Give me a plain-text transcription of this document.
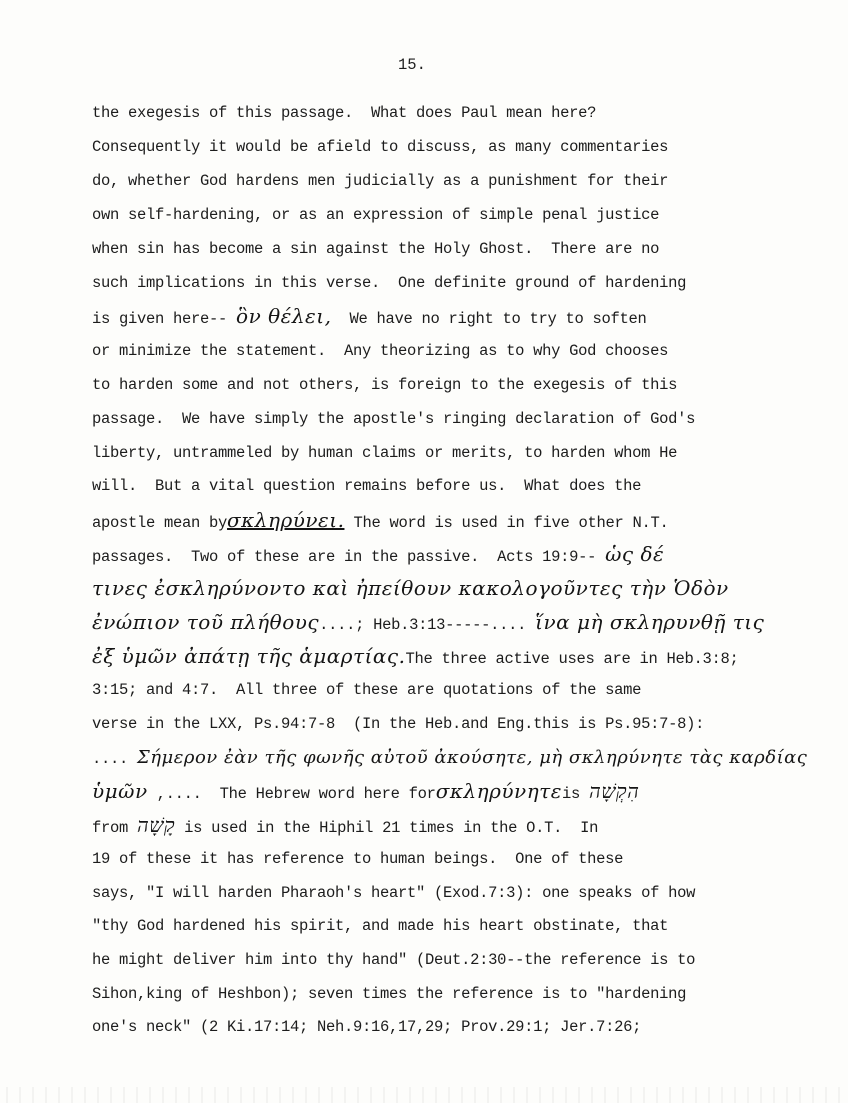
15.
the exegesis of this passage.  What does Paul mean here?
Consequently it would be afield to discuss, as many commentaries
do, whether God hardens men judicially as a punishment for their
own self-hardening, or as an expression of simple penal justice
when sin has become a sin against the Holy Ghost.  There are no
such implications in this verse.  One definite ground of hardening
is given here-- ὃν θέλει,  We have no right to try to soften
or minimize the statement.  Any theorizing as to why God chooses
to harden some and not others, is foreign to the exegesis of this
passage.  We have simply the apostle's ringing declaration of God's
liberty, untrammeled by human claims or merits, to harden whom He
will.  But a vital question remains before us.  What does the
apostle mean byσκληρύνει. The word is used in five other N.T.
passages.  Two of these are in the passive.  Acts 19:9-- ὡς δέ
τινες ἐσκληρύνοντο καὶ ἠπείθουν κακολογοῦντες τὴν Ὁδὸν
ἐνώπιον τοῦ πλήθους....; Heb.3:13-----.... ἵνα μὴ σκληρυνθῇ τις
ἐξ ὑμῶν ἀπάτῃ τῆς ἁμαρτίας.The three active uses are in Heb.3:8;
3:15; and 4:7.  All three of these are quotations of the same
verse in the LXX, Ps.94:7-8  (In the Heb.and Eng.this is Ps.95:7-8):
.... Σήμερον ἐὰν τῆς φωνῆς αὐτοῦ ἀκούσητε, μὴ σκληρύνητε τὰς καρδίας
ὑμῶν ,....  The Hebrew word here forσκληρύνητεis הִקְשָׁה
from קָשָׁה is used in the Hiphil 21 times in the O.T.  In
19 of these it has reference to human beings.  One of these
says, "I will harden Pharaoh's heart" (Exod.7:3): one speaks of how
"thy God hardened his spirit, and made his heart obstinate, that
he might deliver him into thy hand" (Deut.2:30--the reference is to
Sihon,king of Heshbon); seven times the reference is to "hardening
one's neck" (2 Ki.17:14; Neh.9:16,17,29; Prov.29:1; Jer.7:26;
